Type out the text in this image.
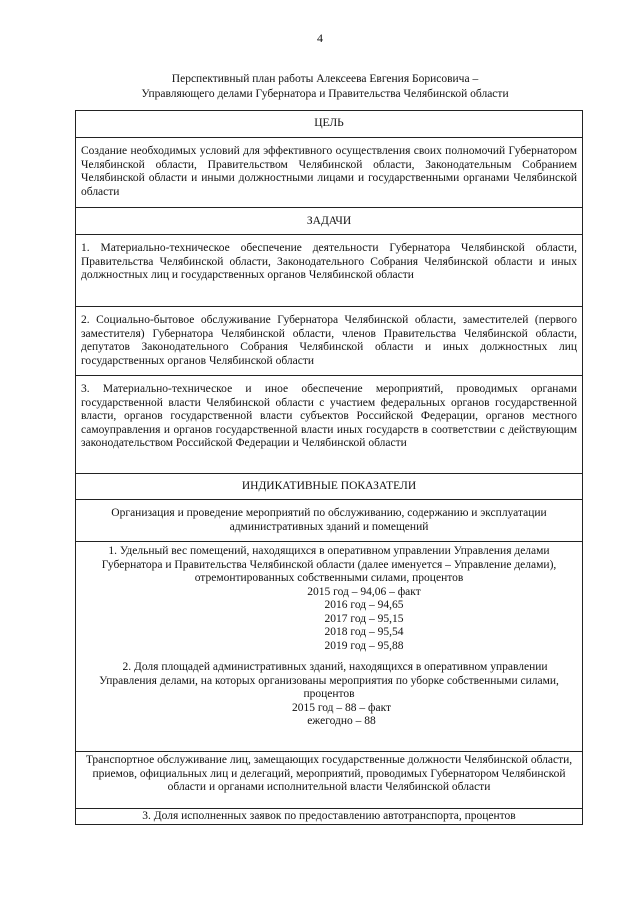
4
Перспективный план работы Алексеева Евгения Борисовича –
Управляющего делами Губернатора и Правительства Челябинской области
ЦЕЛЬ
Создание необходимых условий для эффективного осуществления своих полномочий Губернатором Челябинской области, Правительством Челябинской области, Законодательным Собранием Челябинской области и иными должностными лицами и государственными органами Челябинской области
ЗАДАЧИ
1. Материально-техническое обеспечение деятельности Губернатора Челябинской области, Правительства Челябинской области, Законодательного Собрания Челябинской области и иных должностных лиц и государственных органов Челябинской области
2. Социально-бытовое обслуживание Губернатора Челябинской области, заместителей (первого заместителя) Губернатора Челябинской области, членов Правительства Челябинской области, депутатов Законодательного Собрания Челябинской области и иных должностных лиц государственных органов Челябинской области
3. Материально-техническое и иное обеспечение мероприятий, проводимых органами государственной власти Челябинской области с участием федеральных органов государственной власти, органов государственной власти субъектов Российской Федерации, органов местного самоуправления и органов государственной власти иных государств в соответствии с действующим законодательством Российской Федерации и Челябинской области
ИНДИКАТИВНЫЕ ПОКАЗАТЕЛИ
Организация и проведение мероприятий по обслуживанию, содержанию и эксплуатации административных зданий и помещений
1. Удельный вес помещений, находящихся в оперативном управлении Управления делами Губернатора и Правительства Челябинской области (далее именуется – Управление делами), отремонтированных собственными силами, процентов
2015 год – 94,06 – факт
2016 год – 94,65
2017 год – 95,15
2018 год – 95,54
2019 год – 95,88
2. Доля площадей административных зданий, находящихся в оперативном управлении Управления делами, на которых организованы мероприятия по уборке собственными силами, процентов
2015 год – 88 – факт
ежегодно – 88
Транспортное обслуживание лиц, замещающих государственные должности Челябинской области, приемов, официальных лиц и делегаций, мероприятий, проводимых Губернатором Челябинской области и органами исполнительной власти Челябинской области
3. Доля исполненных заявок по предоставлению автотранспорта, процентов
